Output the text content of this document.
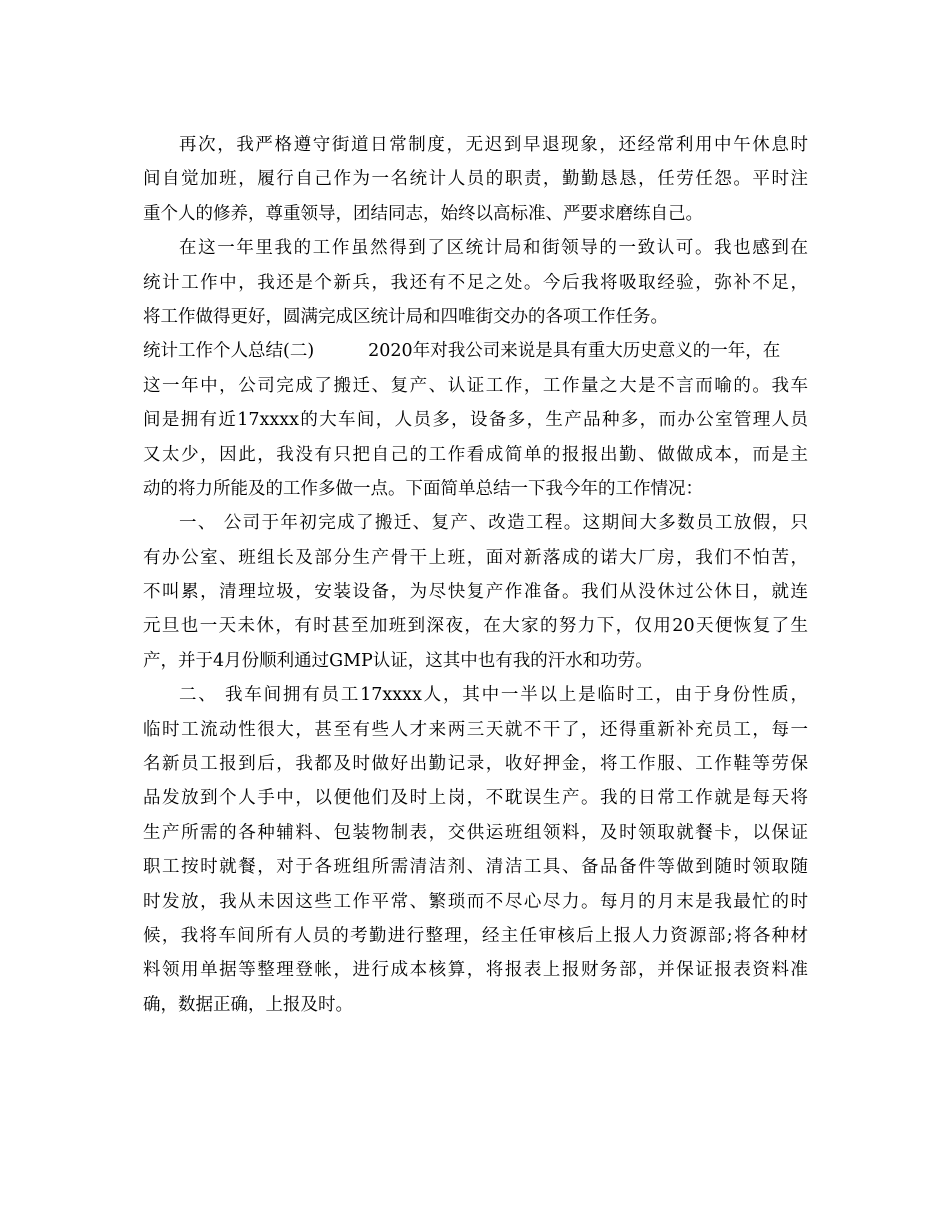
再次，我严格遵守街道日常制度，无迟到早退现象，还经常利用中午休息时
间自觉加班，履行自己作为一名统计人员的职责，勤勤恳恳，任劳任怨。平时注
重个人的修养，尊重领导，团结同志，始终以高标准、严要求磨练自己。
在这一年里我的工作虽然得到了区统计局和街领导的一致认可。我也感到在
统计工作中，我还是个新兵，我还有不足之处。今后我将吸取经验，弥补不足，
将工作做得更好，圆满完成区统计局和四唯街交办的各项工作任务。
统计工作个人总结(二)	2020年对我公司来说是具有重大历史意义的一年，在
这一年中，公司完成了搬迁、复产、认证工作，工作量之大是不言而喻的。我车
间是拥有近17xxxx的大车间，人员多，设备多，生产品种多，而办公室管理人员
又太少，因此，我没有只把自己的工作看成简单的报报出勤、做做成本，而是主
动的将力所能及的工作多做一点。下面简单总结一下我今年的工作情况：
一、 公司于年初完成了搬迁、复产、改造工程。这期间大多数员工放假，只
有办公室、班组长及部分生产骨干上班，面对新落成的诺大厂房，我们不怕苦，
不叫累，清理垃圾，安装设备，为尽快复产作准备。我们从没休过公休日，就连
元旦也一天未休，有时甚至加班到深夜，在大家的努力下，仅用20天便恢复了生
产，并于4月份顺利通过GMP认证，这其中也有我的汗水和功劳。
二、 我车间拥有员工17xxxx人，其中一半以上是临时工，由于身份性质，
临时工流动性很大，甚至有些人才来两三天就不干了，还得重新补充员工，每一
名新员工报到后，我都及时做好出勤记录，收好押金，将工作服、工作鞋等劳保
品发放到个人手中，以便他们及时上岗，不耽误生产。我的日常工作就是每天将
生产所需的各种辅料、包装物制表，交供运班组领料，及时领取就餐卡，以保证
职工按时就餐，对于各班组所需清洁剂、清洁工具、备品备件等做到随时领取随
时发放，我从未因这些工作平常、繁琐而不尽心尽力。每月的月末是我最忙的时
候，我将车间所有人员的考勤进行整理，经主任审核后上报人力资源部;将各种材
料领用单据等整理登帐，进行成本核算，将报表上报财务部，并保证报表资料准
确，数据正确，上报及时。
